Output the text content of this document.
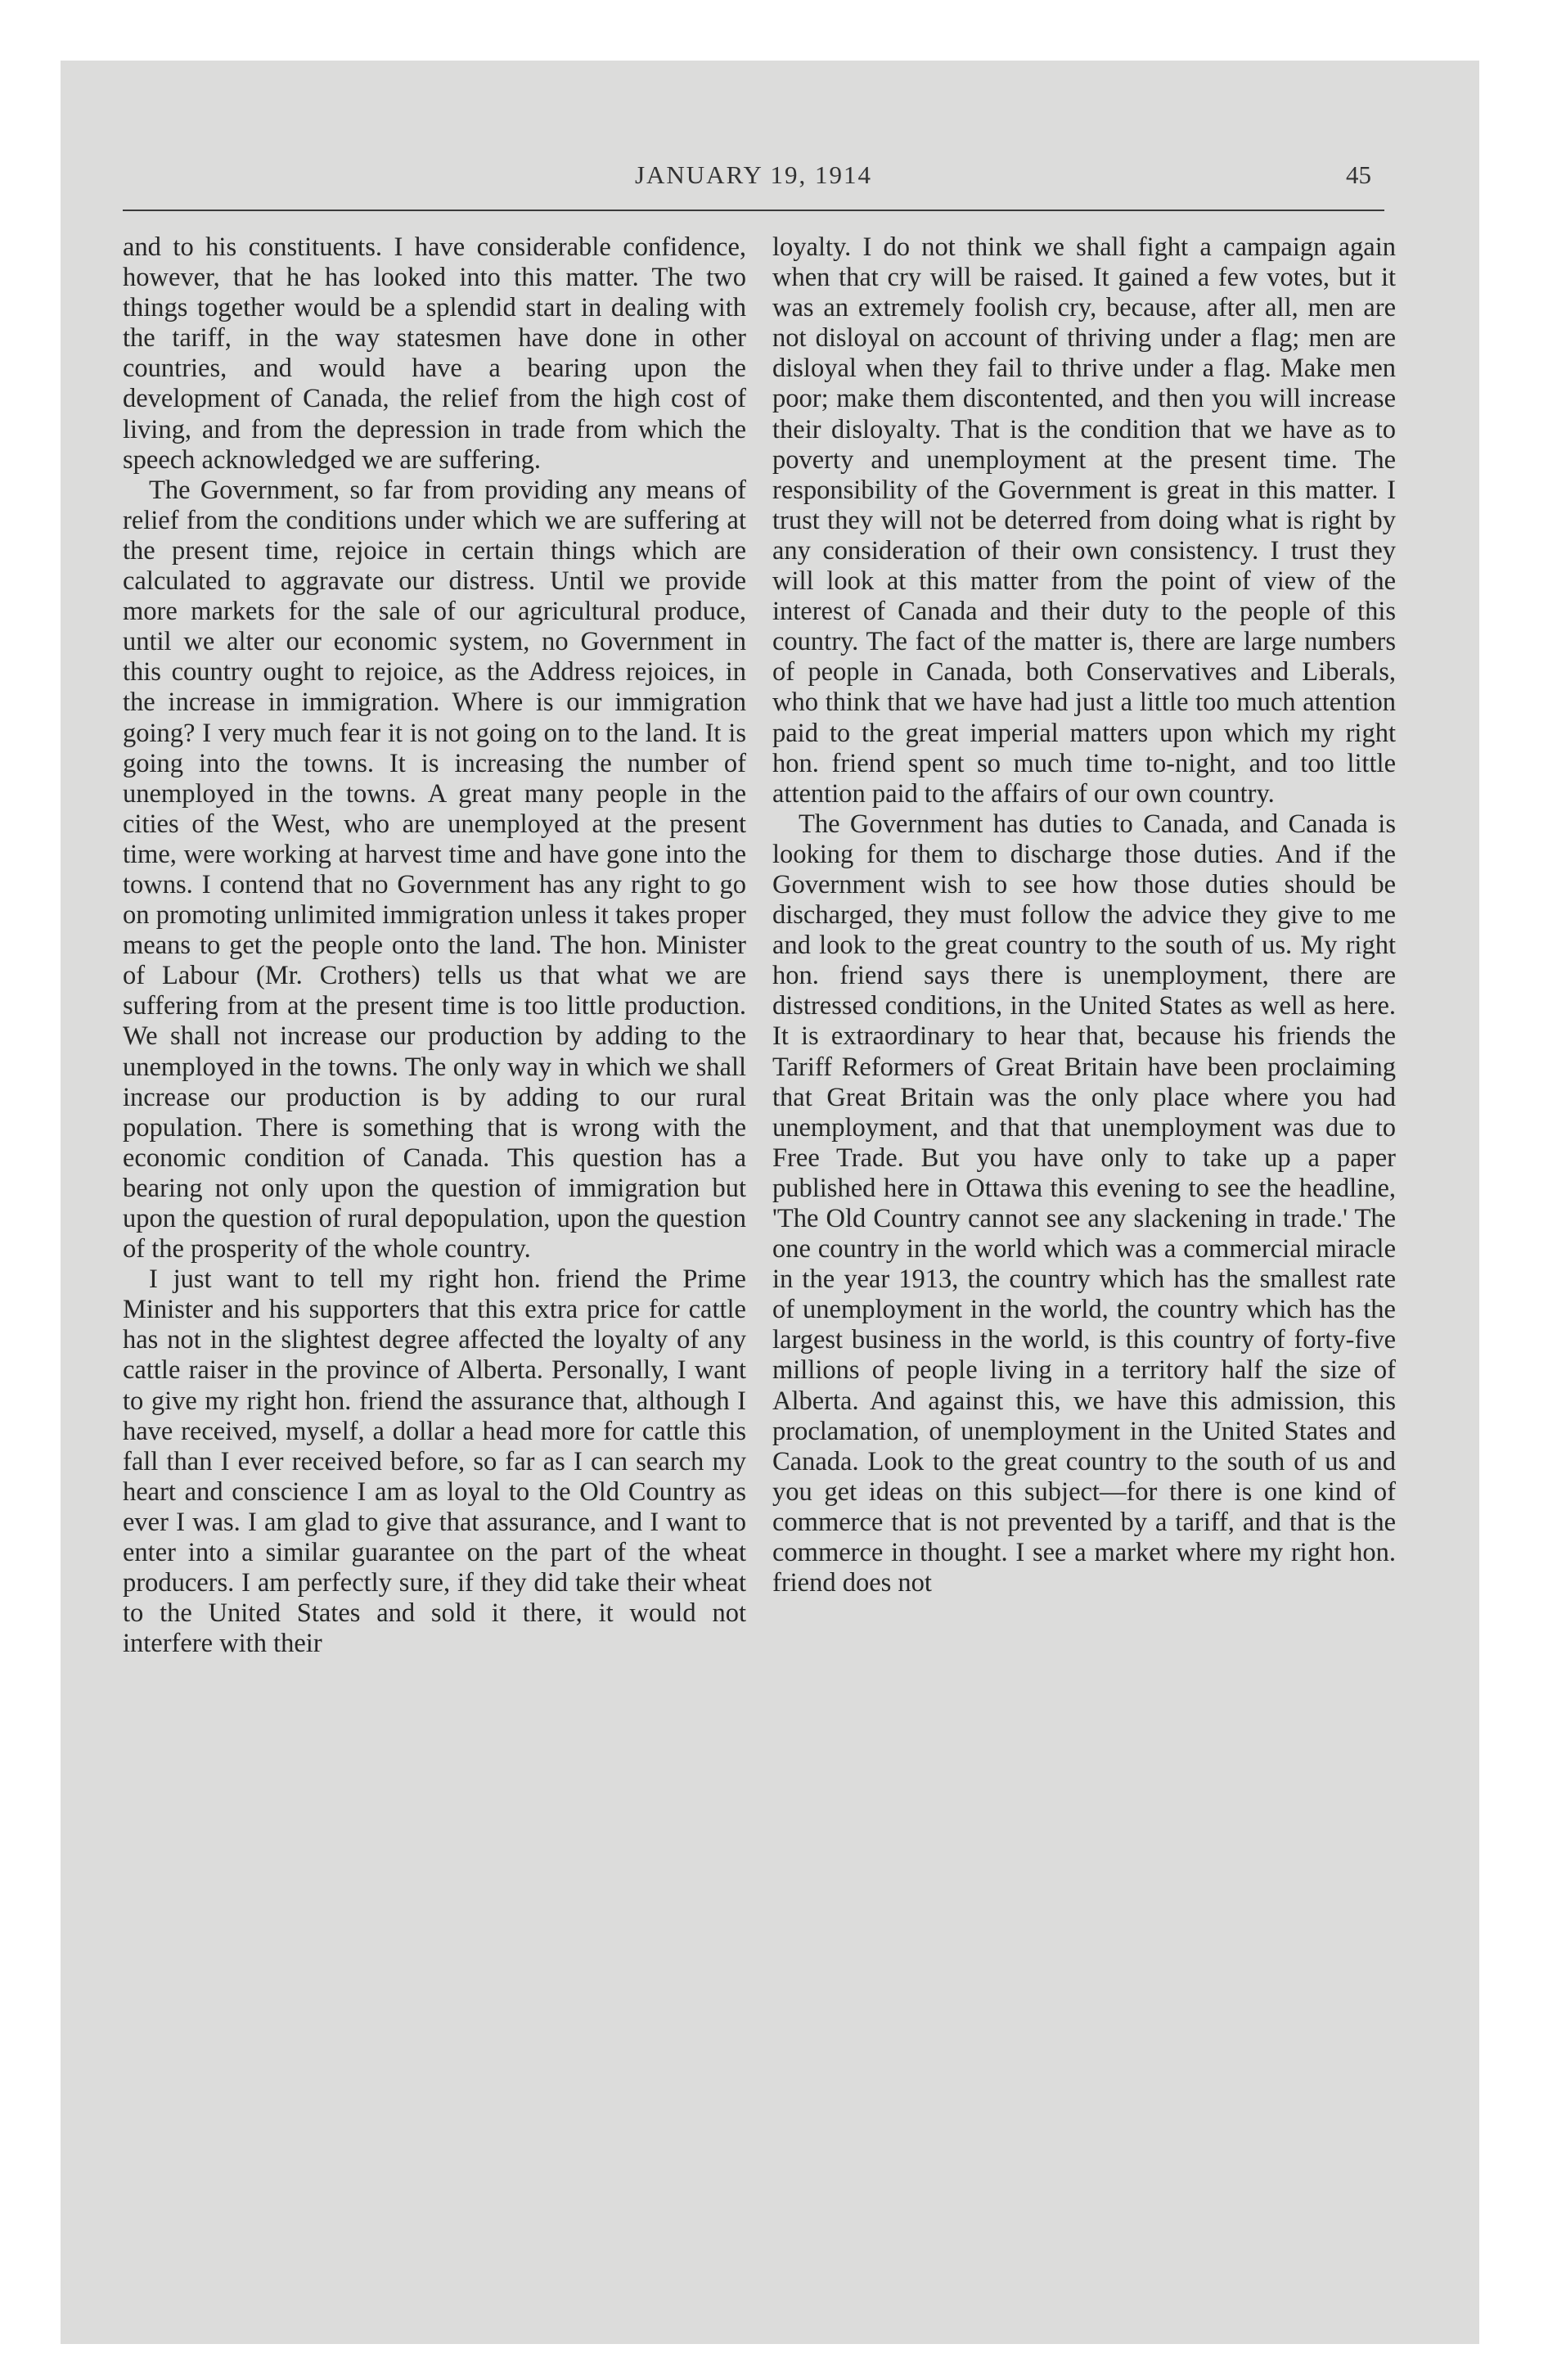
JANUARY 19, 1914	45

and to his constituents. I have considerable confidence, however, that he has looked into this matter. The two things together would be a splendid start in dealing with the tariff, in the way statesmen have done in other countries, and would have a bearing upon the development of Canada, the relief from the high cost of living, and from the depression in trade from which the speech acknowledged we are suffering.

The Government, so far from providing any means of relief from the conditions under which we are suffering at the present time, rejoice in certain things which are calculated to aggravate our distress. Until we provide more markets for the sale of our agricultural produce, until we alter our economic system, no Government in this country ought to rejoice, as the Address rejoices, in the increase in immigration. Where is our immigration going? I very much fear it is not going on to the land. It is going into the towns. It is increasing the number of unemployed in the towns. A great many people in the cities of the West, who are unemployed at the present time, were working at harvest time and have gone into the towns. I contend that no Government has any right to go on promoting unlimited immigration unless it takes proper means to get the people onto the land. The hon. Minister of Labour (Mr. Crothers) tells us that what we are suffering from at the present time is too little production. We shall not increase our production by adding to the unemployed in the towns. The only way in which we shall increase our production is by adding to our rural population. There is something that is wrong with the economic condition of Canada. This question has a bearing not only upon the question of immigration but upon the question of rural depopulation, upon the question of the prosperity of the whole country.

I just want to tell my right hon. friend the Prime Minister and his supporters that this extra price for cattle has not in the slightest degree affected the loyalty of any cattle raiser in the province of Alberta. Personally, I want to give my right hon. friend the assurance that, although I have received, myself, a dollar a head more for cattle this fall than I ever received before, so far as I can search my heart and conscience I am as loyal to the Old Country as ever I was. I am glad to give that assurance, and I want to enter into a similar guarantee on the part of the wheat producers. I am perfectly sure, if they did take their wheat to the United States and sold it there, it would not interfere with their

loyalty. I do not think we shall fight a campaign again when that cry will be raised. It gained a few votes, but it was an extremely foolish cry, because, after all, men are not disloyal on account of thriving under a flag; men are disloyal when they fail to thrive under a flag. Make men poor; make them discontented, and then you will increase their disloyalty. That is the condition that we have as to poverty and unemployment at the present time. The responsibility of the Government is great in this matter. I trust they will not be deterred from doing what is right by any consideration of their own consistency. I trust they will look at this matter from the point of view of the interest of Canada and their duty to the people of this country. The fact of the matter is, there are large numbers of people in Canada, both Conservatives and Liberals, who think that we have had just a little too much attention paid to the great imperial matters upon which my right hon. friend spent so much time to-night, and too little attention paid to the affairs of our own country.

The Government has duties to Canada, and Canada is looking for them to discharge those duties. And if the Government wish to see how those duties should be discharged, they must follow the advice they give to me and look to the great country to the south of us. My right hon. friend says there is unemployment, there are distressed conditions, in the United States as well as here. It is extraordinary to hear that, because his friends the Tariff Reformers of Great Britain have been proclaiming that Great Britain was the only place where you had unemployment, and that that unemployment was due to Free Trade. But you have only to take up a paper published here in Ottawa this evening to see the headline, 'The Old Country cannot see any slackening in trade.' The one country in the world which was a commercial miracle in the year 1913, the country which has the smallest rate of unemployment in the world, the country which has the largest business in the world, is this country of forty-five millions of people living in a territory half the size of Alberta. And against this, we have this admission, this proclamation, of unemployment in the United States and Canada. Look to the great country to the south of us and you get ideas on this subject—for there is one kind of commerce that is not prevented by a tariff, and that is the commerce in thought. I see a market where my right hon. friend does not
